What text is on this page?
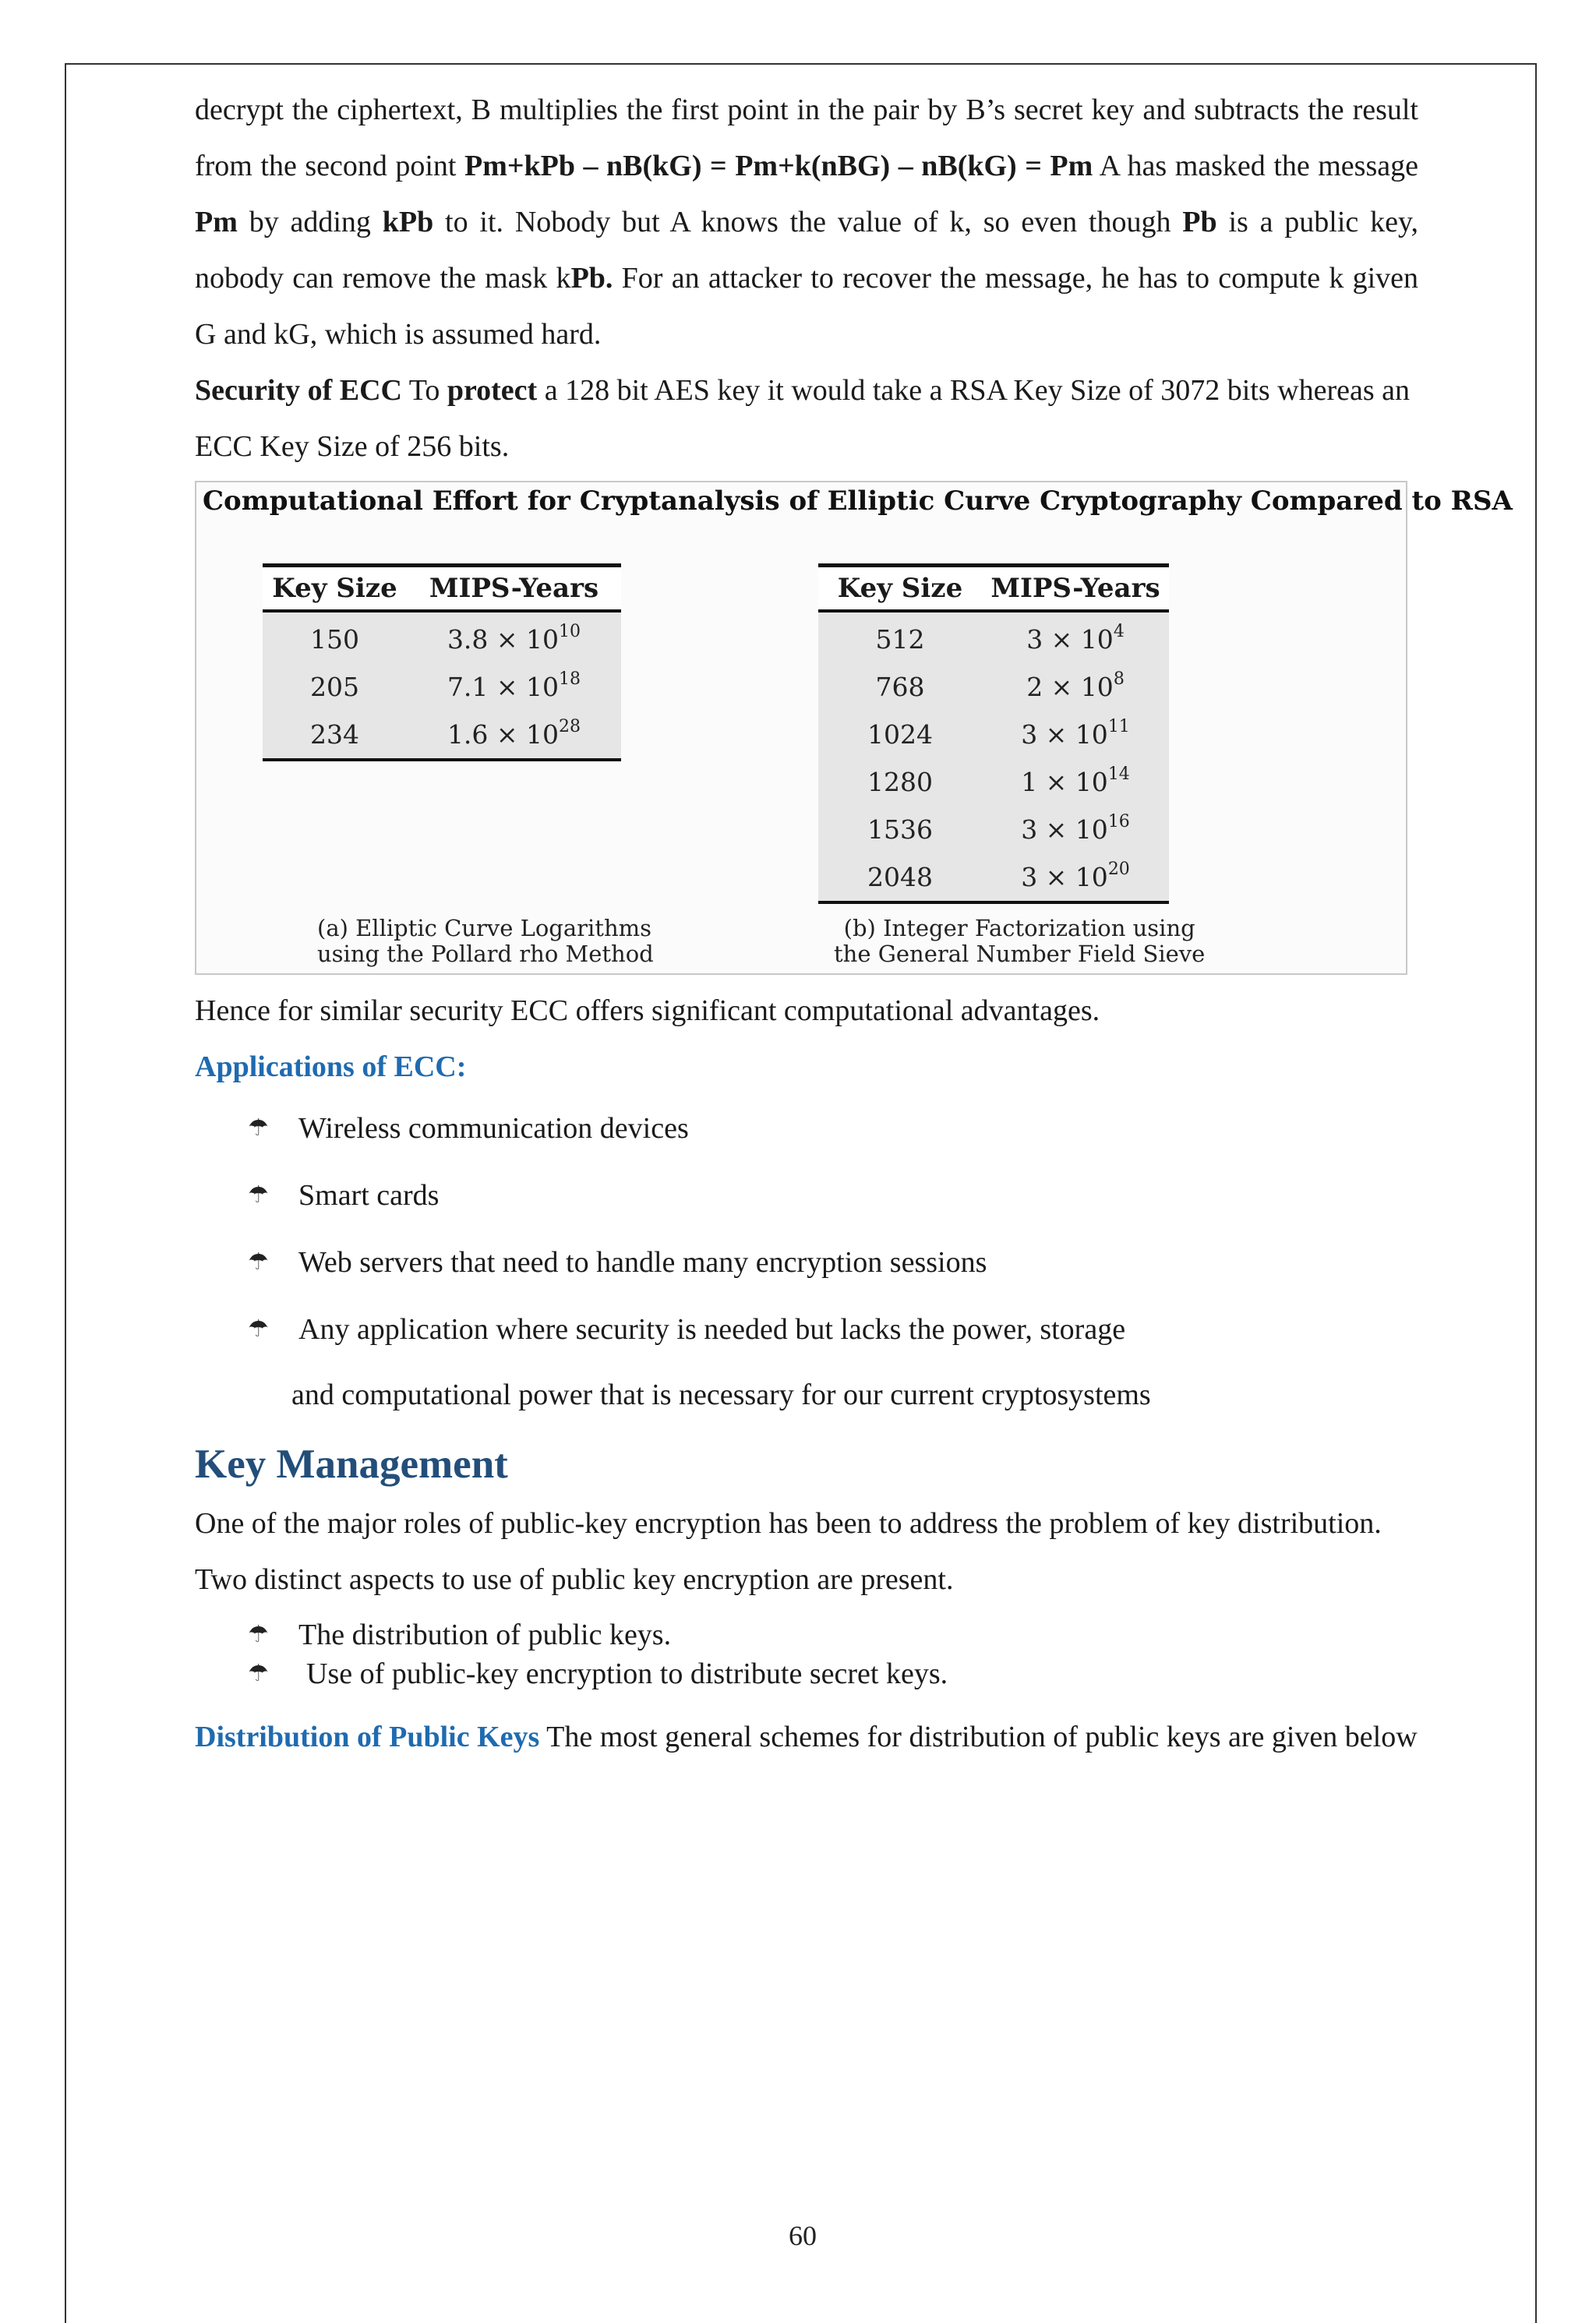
decrypt the ciphertext, B multiplies the first point in the pair by B’s secret key and subtracts the result from the second point Pm+kPb – nB(kG) = Pm+k(nBG) – nB(kG) = Pm A has masked the message Pm by adding kPb to it. Nobody but A knows the value of k, so even though Pb is a public key, nobody can remove the mask kPb. For an attacker to recover the message, he has to compute k given G and kG, which is assumed hard.

Security of ECC To protect a 128 bit AES key it would take a RSA Key Size of 3072 bits whereas an ECC Key Size of 256 bits.

Computational Effort for Cryptanalysis of Elliptic Curve Cryptography Compared to RSA
Key Size	MIPS-Years
150	$3.8 \times 10^{10}$
205	$7.1 \times 10^{18}$
234	$1.6 \times 10^{28}$
(a) Elliptic Curve Logarithms
using the Pollard rho Method
Key Size	MIPS-Years
512	$3 \times 10^4$
768	$2 \times 10^8$
1024	$3 \times 10^{11}$
1280	$1 \times 10^{14}$
1536	$3 \times 10^{16}$
2048	$3 \times 10^{20}$
(b) Integer Factorization using
the General Number Field Sieve

Hence for similar security ECC offers significant computational advantages.

Applications of ECC:

☂ Wireless communication devices
☂ Smart cards
☂ Web servers that need to handle many encryption sessions
☂ Any application where security is needed but lacks the power, storage

and computational power that is necessary for our current cryptosystems

Key Management

One of the major roles of public-key encryption has been to address the problem of key distribution. Two distinct aspects to use of public key encryption are present.

☂ The distribution of public keys.
☂ Use of public-key encryption to distribute secret keys.

Distribution of Public Keys The most general schemes for distribution of public keys are given below

60
